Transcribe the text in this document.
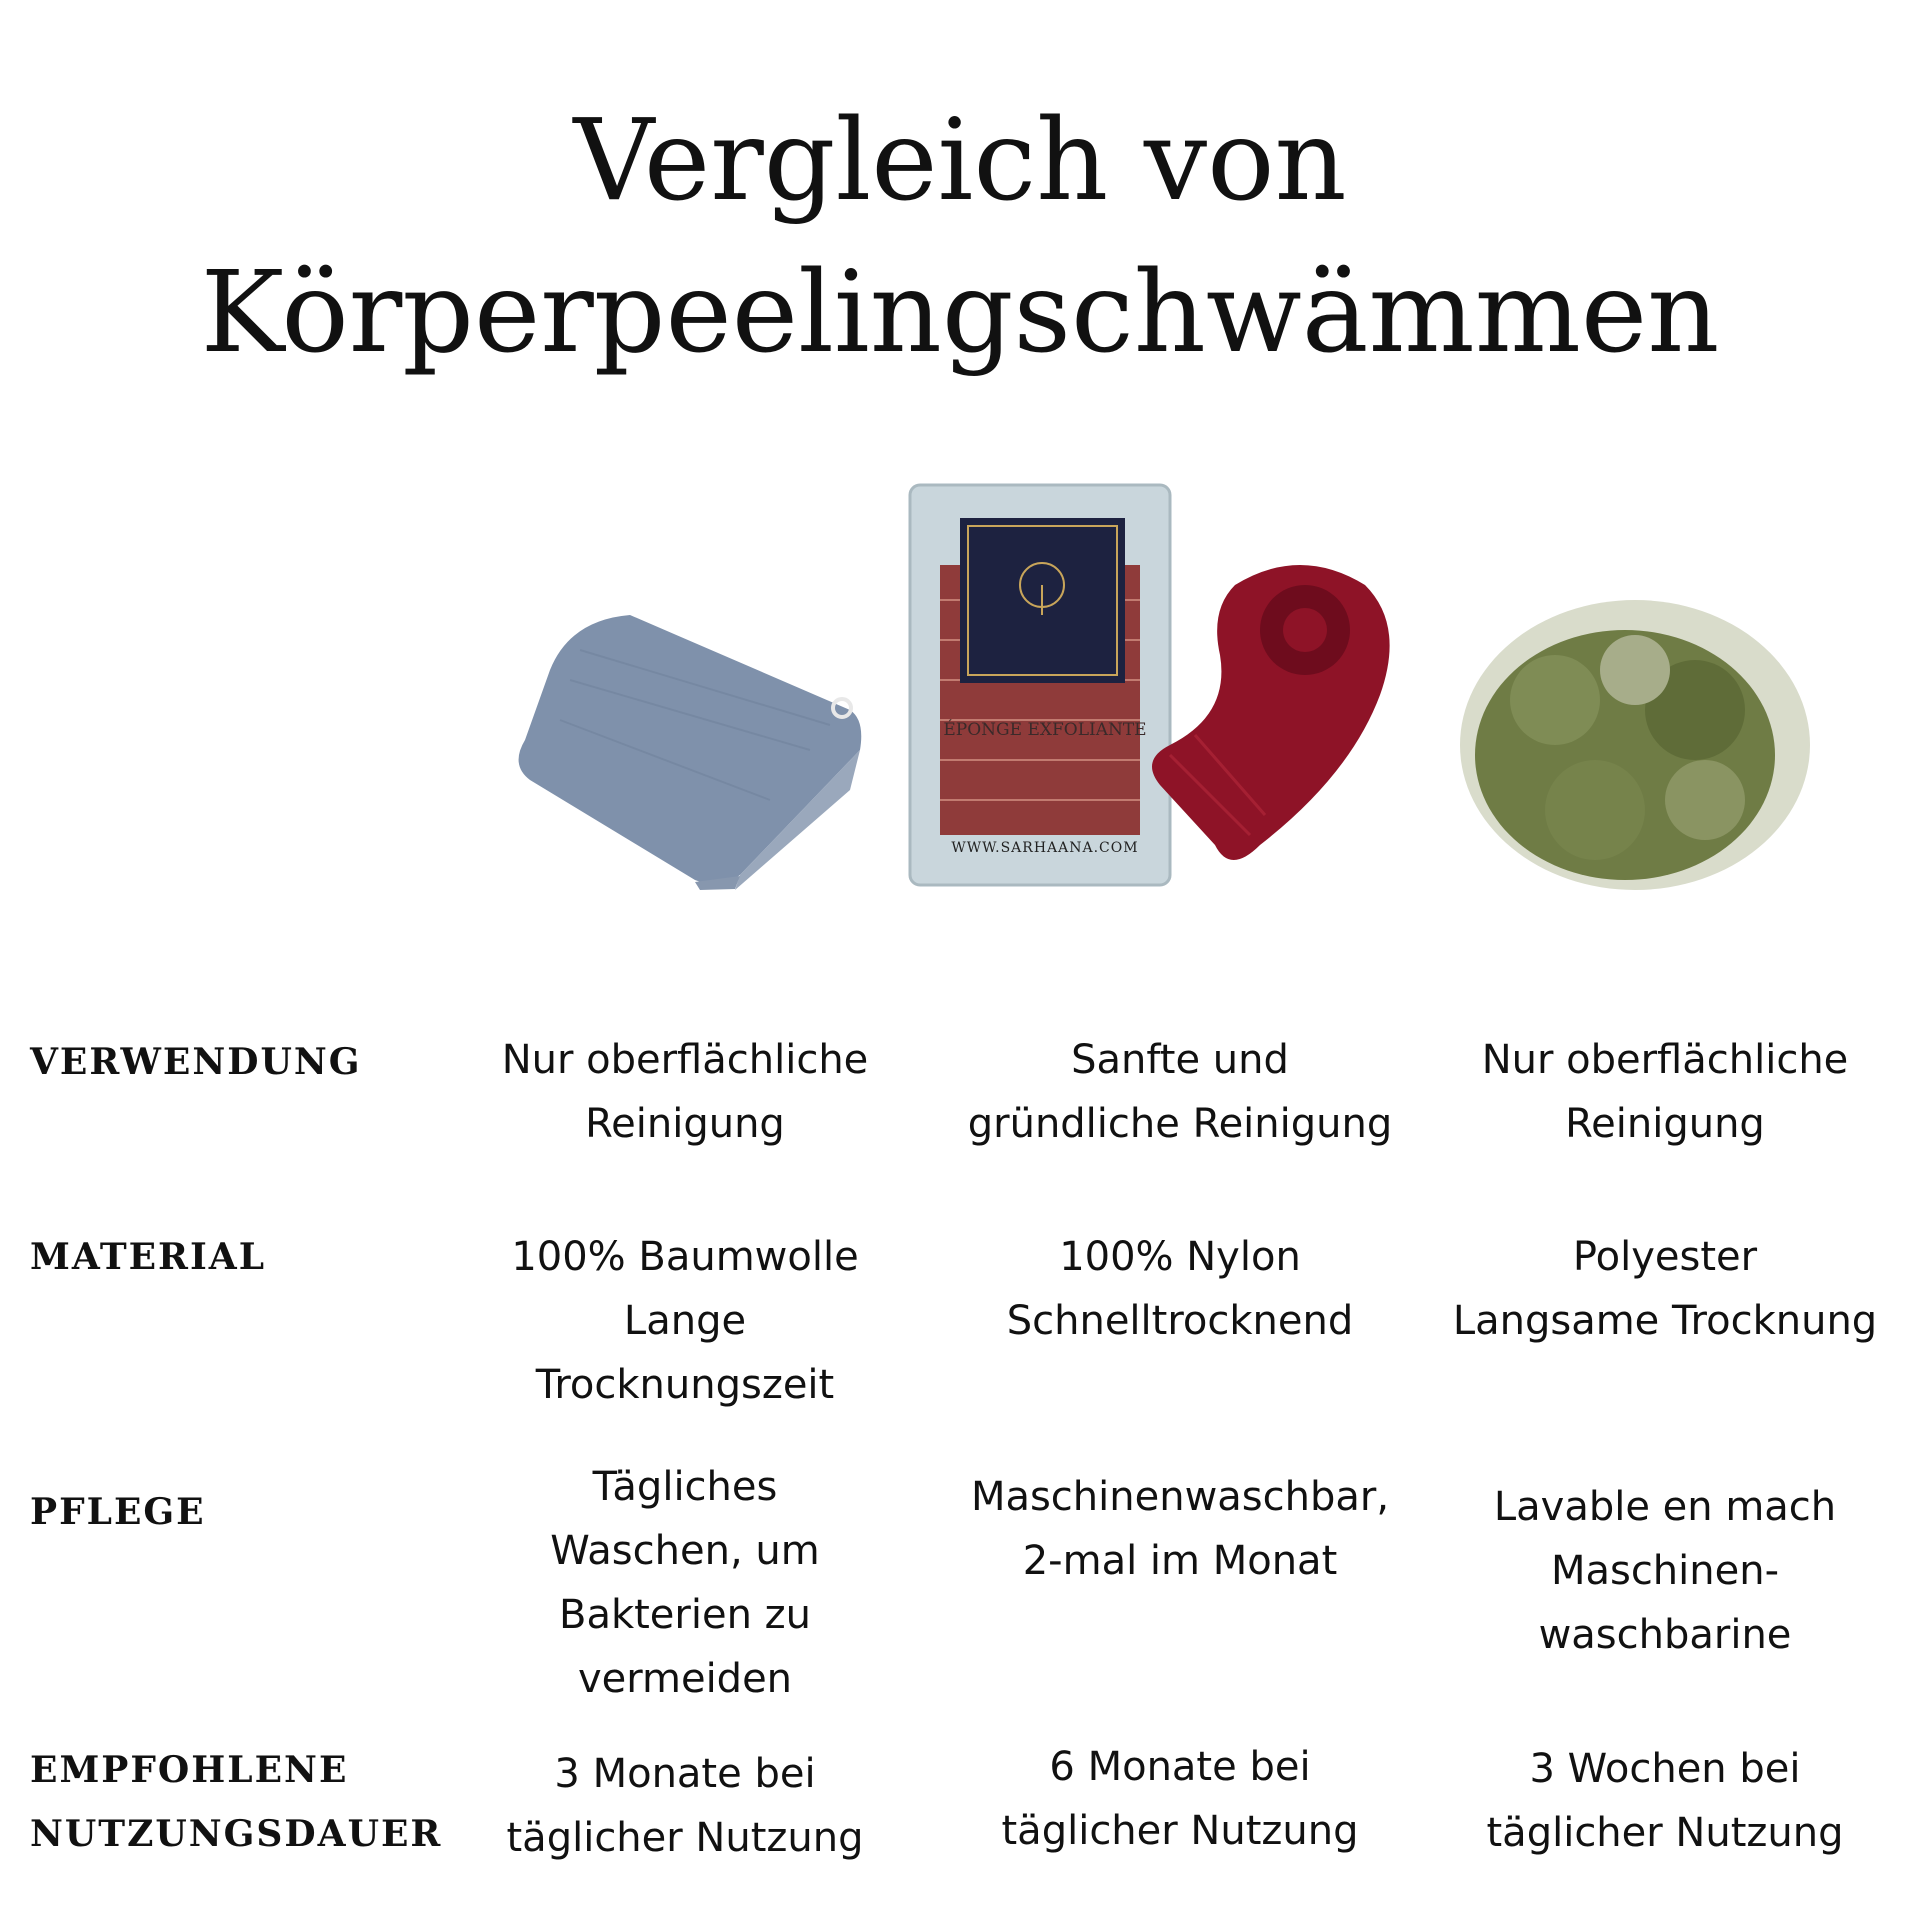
Vergleich von
Körperpeelingschwämmen
ÉPONGE EXFOLIANTE
WWW.SARHAANA.COM
VERWENDUNG	Nur oberflächliche
Reinigung
Sanfte und
gründliche Reinigung
Nur oberflächliche
Reinigung
MATERIAL	100% Baumwolle
Lange
Trocknungszeit
100% Nylon
Schnelltrocknend
Polyester
Langsame Trocknung
PFLEGE
Tägliches
Waschen, um
Bakterien zu
vermeiden
Maschinenwaschbar,
2-mal im Monat
Lavable en mach
Maschinen-
waschbarine
EMPFOHLENE
NUTZUNGSDAUER
3 Monate bei
täglicher Nutzung
6 Monate bei
täglicher Nutzung
3 Wochen bei
täglicher Nutzung
